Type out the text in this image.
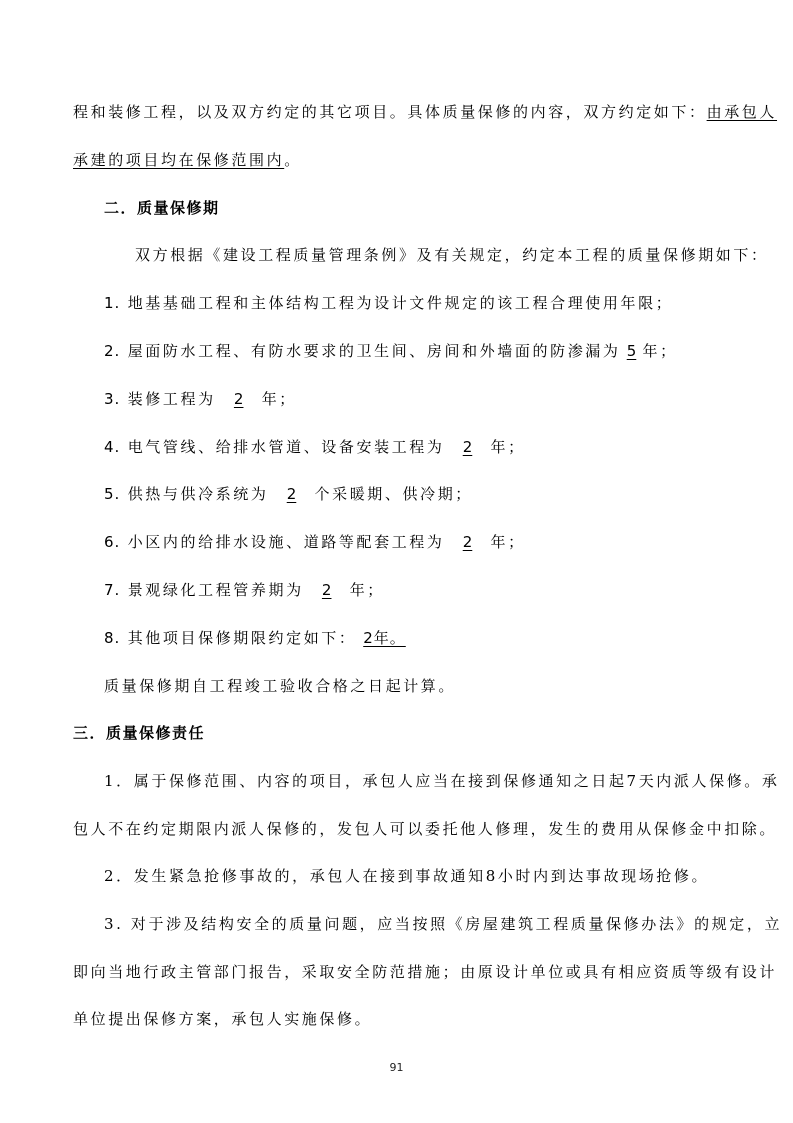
程和装修工程，以及双方约定的其它项目。具体质量保修的内容，双方约定如下：由承包人
承建的项目均在保修范围内。
二．质量保修期
双方根据《建设工程质量管理条例》及有关规定，约定本工程的质量保修期如下：
1. 地基基础工程和主体结构工程为设计文件规定的该工程合理使用年限；
2. 屋面防水工程、有防水要求的卫生间、房间和外墙面的防渗漏为 5 年；
3. 装修工程为 2 年；
4. 电气管线、给排水管道、设备安装工程为 2 年；
5. 供热与供冷系统为 2 个采暖期、供冷期；
6. 小区内的给排水设施、道路等配套工程为 2 年；
7. 景观绿化工程管养期为 2 年；
8. 其他项目保修期限约定如下： 2年。
质量保修期自工程竣工验收合格之日起计算。
三．质量保修责任
1．属于保修范围、内容的项目，承包人应当在接到保修通知之日起7天内派人保修。承
包人不在约定期限内派人保修的，发包人可以委托他人修理，发生的费用从保修金中扣除。
2．发生紧急抢修事故的，承包人在接到事故通知8小时内到达事故现场抢修。
3. 对于涉及结构安全的质量问题，应当按照《房屋建筑工程质量保修办法》的规定，立
即向当地行政主管部门报告，采取安全防范措施；由原设计单位或具有相应资质等级有设计
单位提出保修方案，承包人实施保修。
91
